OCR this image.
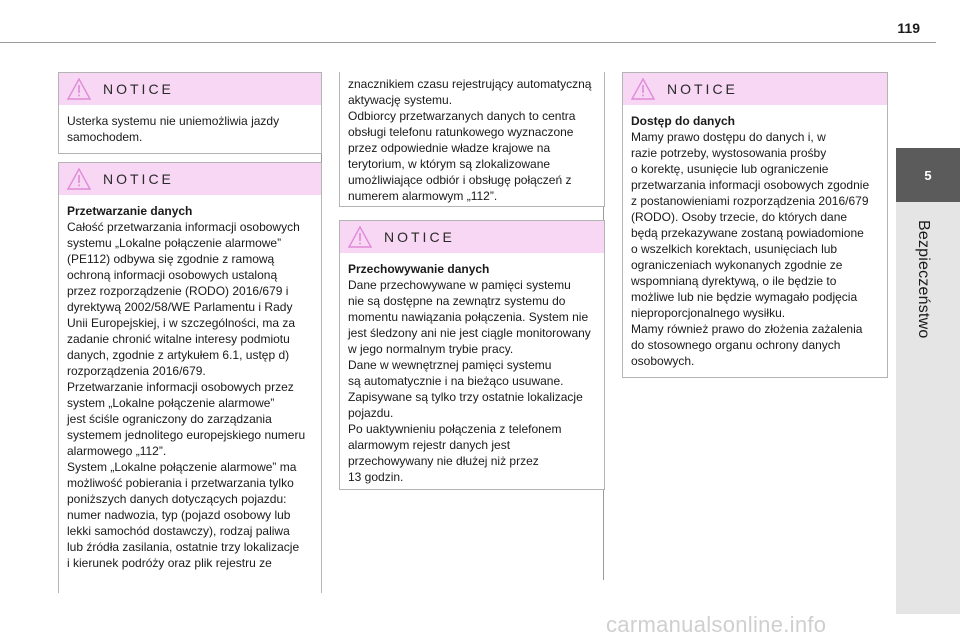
119
5
Bezpieczeństwo
NOTICE
Usterka systemu nie uniemożliwia jazdy
samochodem.
NOTICE
Przetwarzanie danych
Całość przetwarzania informacji osobowych
systemu „Lokalne połączenie alarmowe”
(PE112) odbywa się zgodnie z ramową
ochroną informacji osobowych ustaloną
przez rozporządzenie (RODO) 2016/679 i
dyrektywą 2002/58/WE Parlamentu i Rady
Unii Europejskiej, i w szczególności, ma za
zadanie chronić witalne interesy podmiotu
danych, zgodnie z artykułem 6.1, ustęp d)
rozporządzenia 2016/679.
Przetwarzanie informacji osobowych przez
system „Lokalne połączenie alarmowe”
jest ściśle ograniczony do zarządzania
systemem jednolitego europejskiego numeru
alarmowego „112”.
System „Lokalne połączenie alarmowe” ma
możliwość pobierania i przetwarzania tylko
poniższych danych dotyczących pojazdu:
numer nadwozia, typ (pojazd osobowy lub
lekki samochód dostawczy), rodzaj paliwa
lub źródła zasilania, ostatnie trzy lokalizacje
i kierunek podróży oraz plik rejestru ze
znacznikiem czasu rejestrujący automatyczną
aktywację systemu.
Odbiorcy przetwarzanych danych to centra
obsługi telefonu ratunkowego wyznaczone
przez odpowiednie władze krajowe na
terytorium, w którym są zlokalizowane
umożliwiające odbiór i obsługę połączeń z
numerem alarmowym „112”.
NOTICE
Przechowywanie danych
Dane przechowywane w pamięci systemu
nie są dostępne na zewnątrz systemu do
momentu nawiązania połączenia. System nie
jest śledzony ani nie jest ciągle monitorowany
w jego normalnym trybie pracy.
Dane w wewnętrznej pamięci systemu
są automatycznie i na bieżąco usuwane.
Zapisywane są tylko trzy ostatnie lokalizacje
pojazdu.
Po uaktywnieniu połączenia z telefonem
alarmowym rejestr danych jest
przechowywany nie dłużej niż przez
13 godzin.
NOTICE
Dostęp do danych
Mamy prawo dostępu do danych i, w
razie potrzeby, wystosowania prośby
o korektę, usunięcie lub ograniczenie
przetwarzania informacji osobowych zgodnie
z postanowieniami rozporządzenia 2016/679
(RODO). Osoby trzecie, do których dane
będą przekazywane zostaną powiadomione
o wszelkich korektach, usunięciach lub
ograniczeniach wykonanych zgodnie ze
wspomnianą dyrektywą, o ile będzie to
możliwe lub nie będzie wymagało podjęcia
nieproporcjonalnego wysiłku.
Mamy również prawo do złożenia zażalenia
do stosownego organu ochrony danych
osobowych.
carmanualsonline.info
